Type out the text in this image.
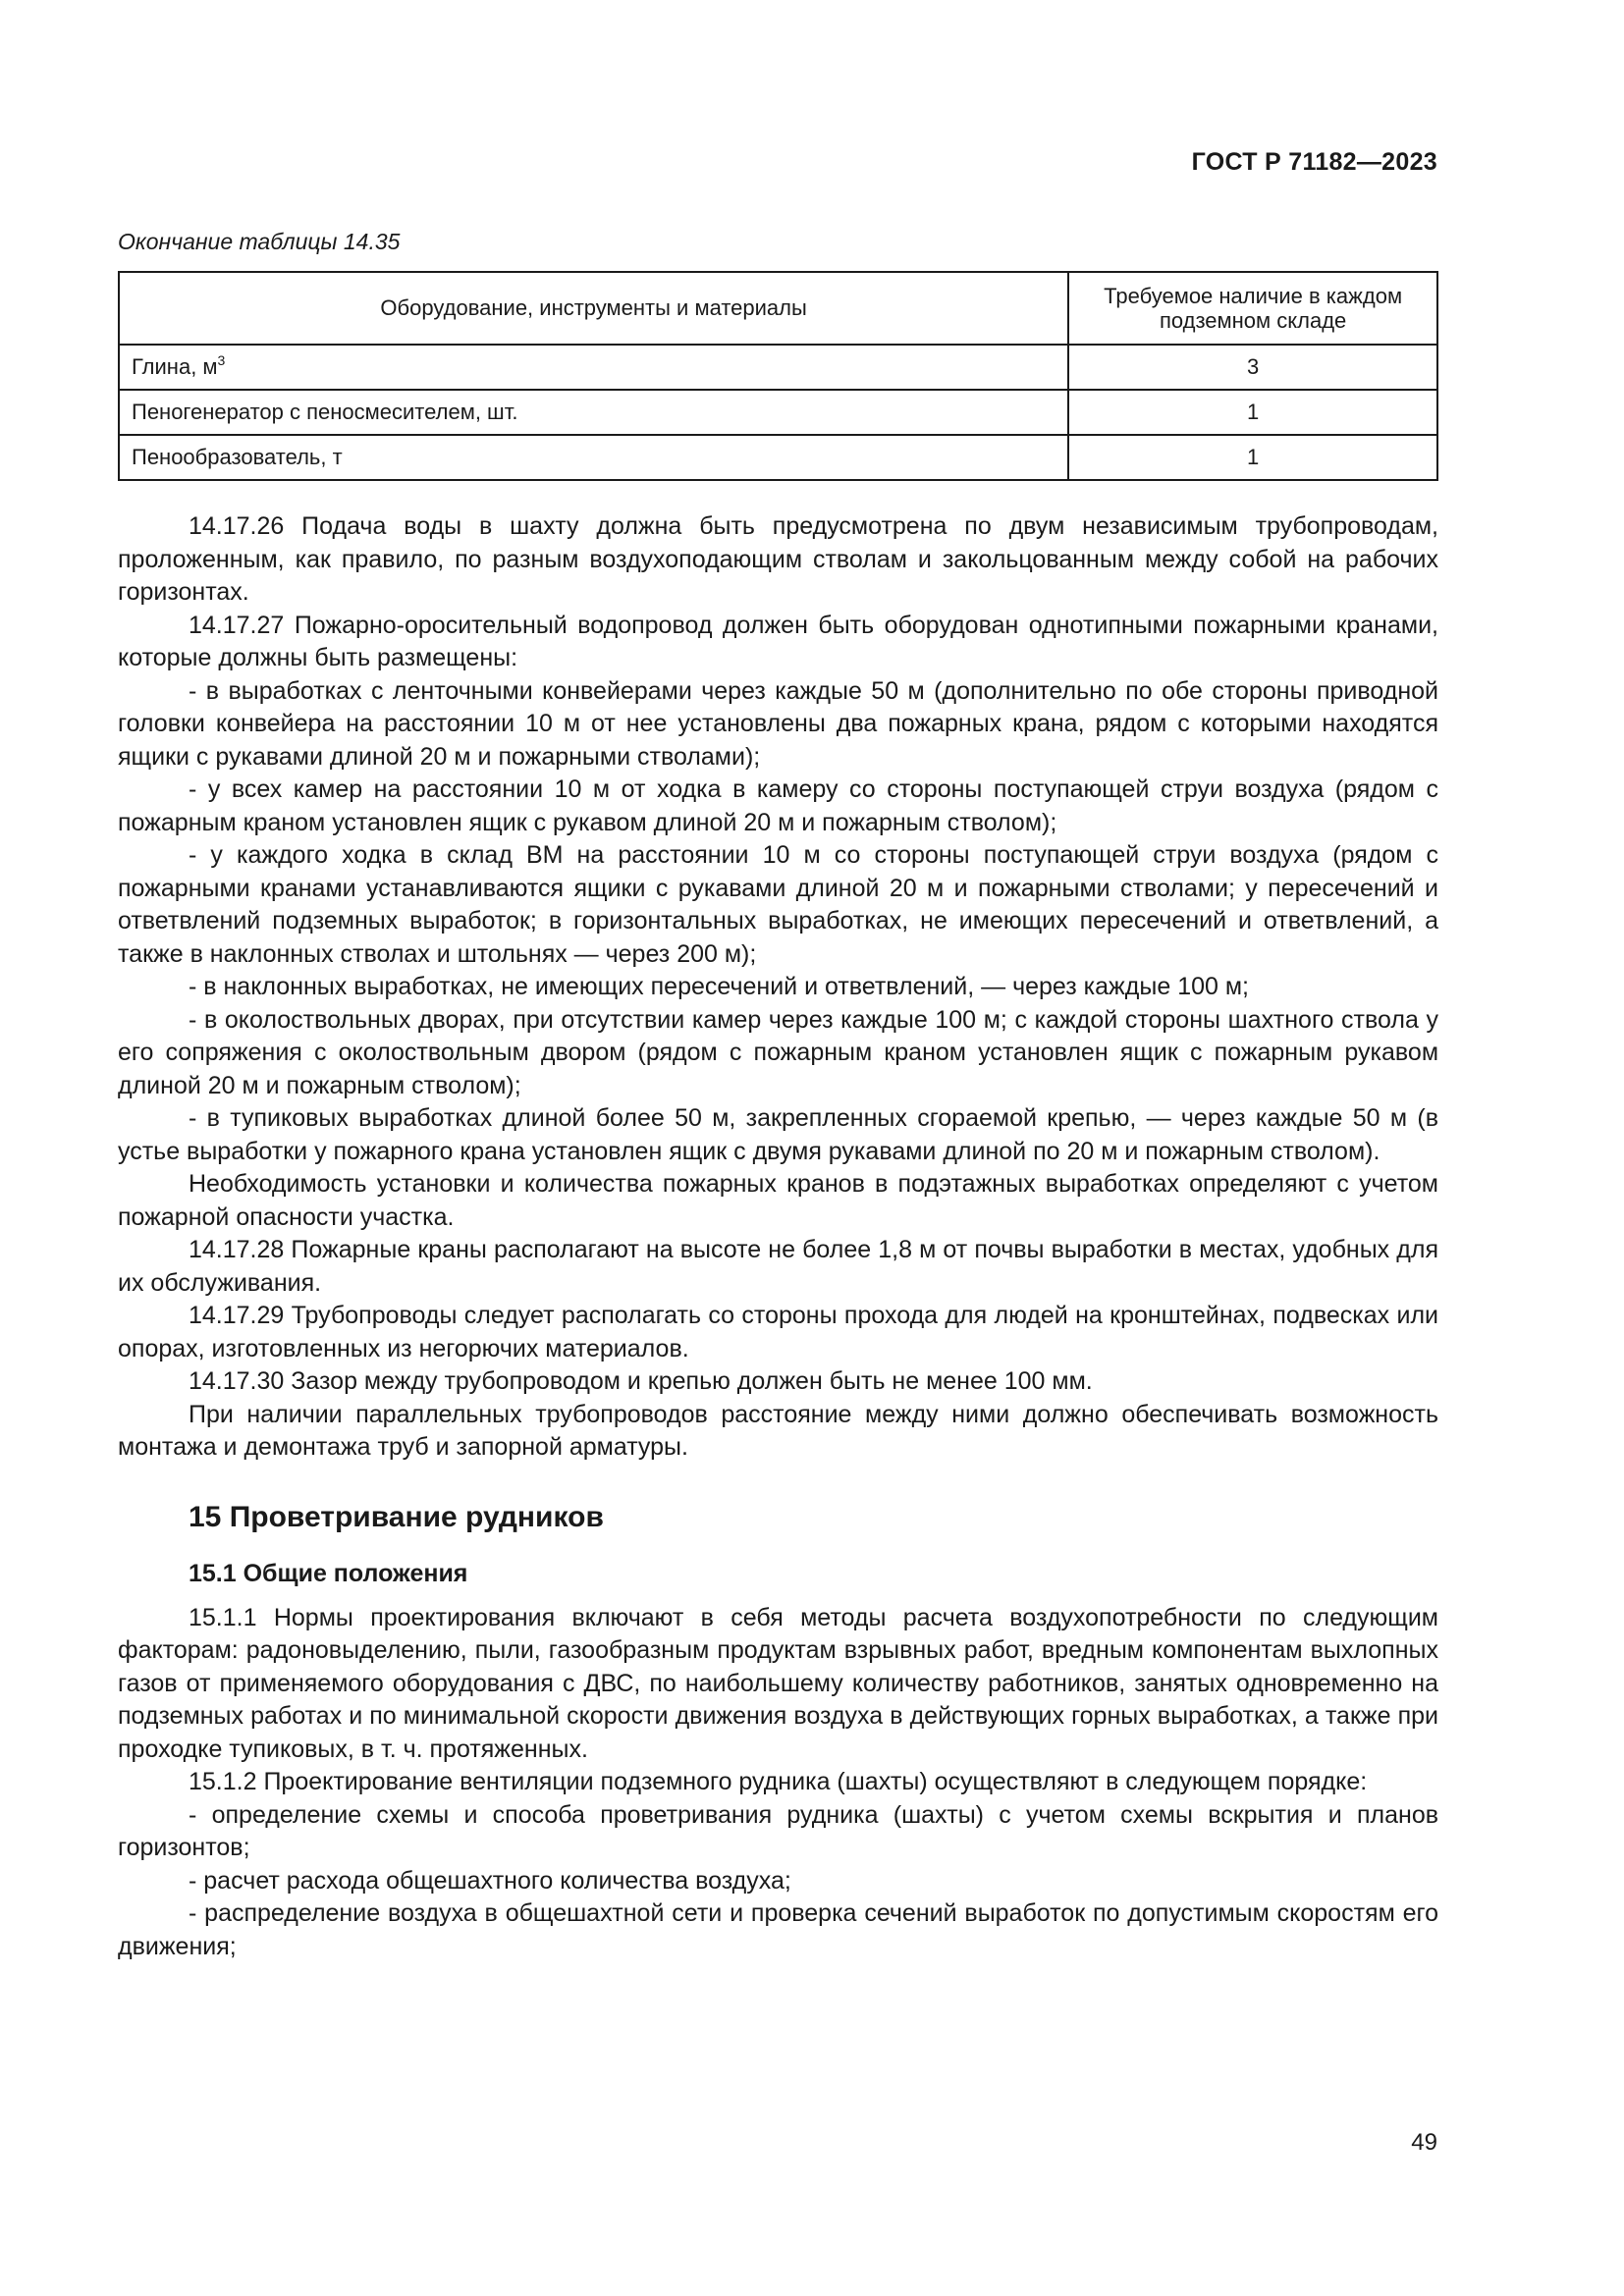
ГОСТ Р 71182—2023
Окончание таблицы 14.35
Оборудование, инструменты и материалы	Требуемое наличие в каждом подземном складе
Глина, $м^3$	3
Пеногенератор с пеносмесителем, шт.	1
Пенообразователь, т	1

14.17.26 Подача воды в шахту должна быть предусмотрена по двум независимым трубопроводам, проложенным, как правило, по разным воздухоподающим стволам и закольцованным между собой на рабочих горизонтах.

14.17.27 Пожарно-оросительный водопровод должен быть оборудован однотипными пожарными кранами, которые должны быть размещены:

- в выработках с ленточными конвейерами через каждые 50 м (дополнительно по обе стороны приводной головки конвейера на расстоянии 10 м от нее установлены два пожарных крана, рядом с которыми находятся ящики с рукавами длиной 20 м и пожарными стволами);

- у всех камер на расстоянии 10 м от ходка в камеру со стороны поступающей струи воздуха (рядом с пожарным краном установлен ящик с рукавом длиной 20 м и пожарным стволом);

- у каждого ходка в склад ВМ на расстоянии 10 м со стороны поступающей струи воздуха (рядом с пожарными кранами устанавливаются ящики с рукавами длиной 20 м и пожарными стволами; у пересечений и ответвлений подземных выработок; в горизонтальных выработках, не имеющих пересечений и ответвлений, а также в наклонных стволах и штольнях — через 200 м);

- в наклонных выработках, не имеющих пересечений и ответвлений, — через каждые 100 м;

- в околоствольных дворах, при отсутствии камер через каждые 100 м; с каждой стороны шахтного ствола у его сопряжения с околоствольным двором (рядом с пожарным краном установлен ящик с пожарным рукавом длиной 20 м и пожарным стволом);

- в тупиковых выработках длиной более 50 м, закрепленных сгораемой крепью, — через каждые 50 м (в устье выработки у пожарного крана установлен ящик с двумя рукавами длиной по 20 м и пожарным стволом).

Необходимость установки и количества пожарных кранов в подэтажных выработках определяют с учетом пожарной опасности участка.

14.17.28 Пожарные краны располагают на высоте не более 1,8 м от почвы выработки в местах, удобных для их обслуживания.

14.17.29 Трубопроводы следует располагать со стороны прохода для людей на кронштейнах, подвесках или опорах, изготовленных из негорючих материалов.

14.17.30 Зазор между трубопроводом и крепью должен быть не менее 100 мм.

При наличии параллельных трубопроводов расстояние между ними должно обеспечивать возможность монтажа и демонтажа труб и запорной арматуры.

15 Проветривание рудников
15.1 Общие положения

15.1.1 Нормы проектирования включают в себя методы расчета воздухопотребности по следующим факторам: радоновыделению, пыли, газообразным продуктам взрывных работ, вредным компонентам выхлопных газов от применяемого оборудования с ДВС, по наибольшему количеству работников, занятых одновременно на подземных работах и по минимальной скорости движения воздуха в действующих горных выработках, а также при проходке тупиковых, в т. ч. протяженных.

15.1.2 Проектирование вентиляции подземного рудника (шахты) осуществляют в следующем порядке:

- определение схемы и способа проветривания рудника (шахты) с учетом схемы вскрытия и планов горизонтов;

- расчет расхода общешахтного количества воздуха;

- распределение воздуха в общешахтной сети и проверка сечений выработок по допустимым скоростям его движения;

49
